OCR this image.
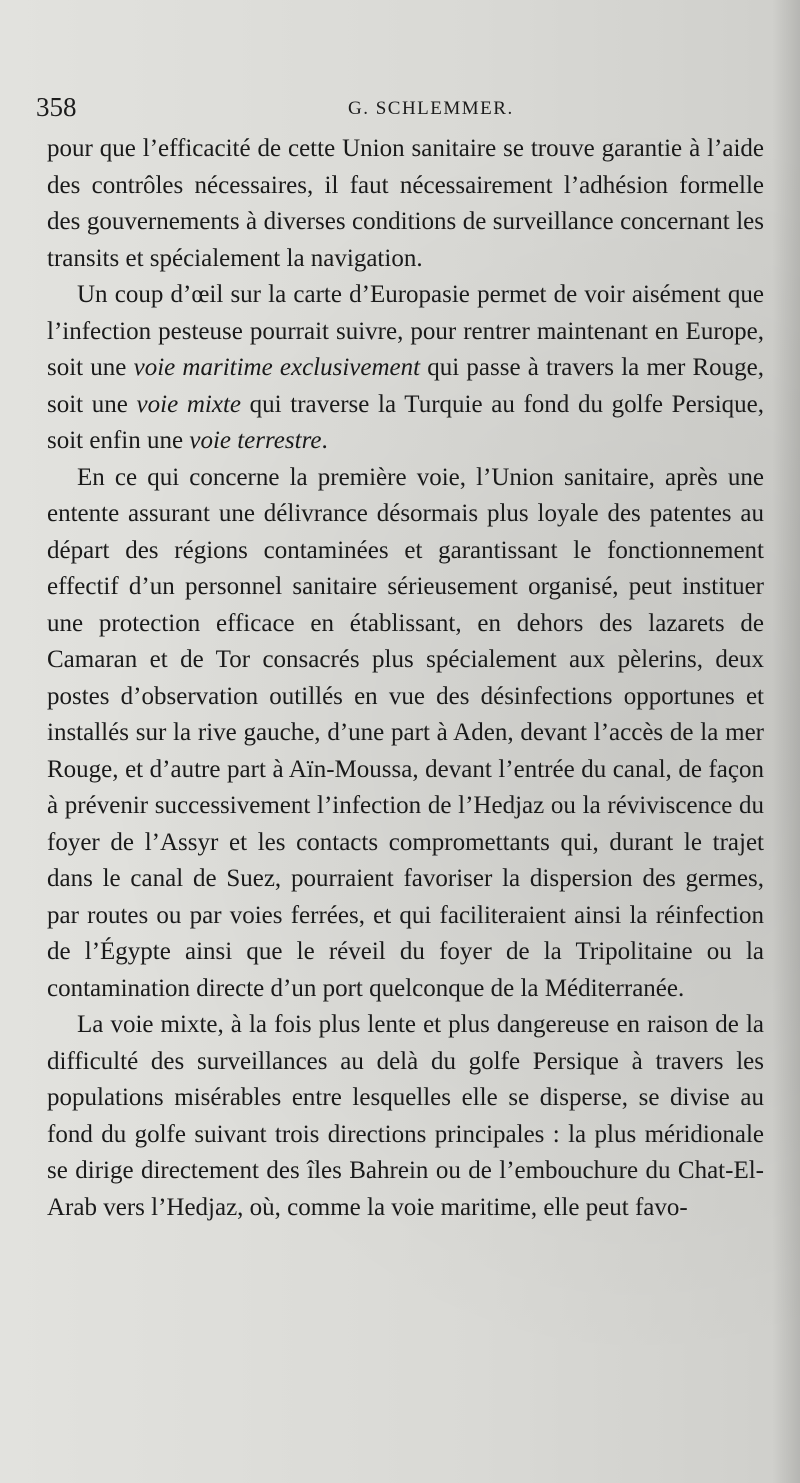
358	G. SCHLEMMER.

pour que l’efficacité de cette Union sanitaire se trouve garantie à l’aide des contrôles nécessaires, il faut nécessairement l’adhésion formelle des gouvernements à diverses conditions de surveillance concernant les transits et spécialement la navigation.

Un coup d’œil sur la carte d’Europasie permet de voir aisément que l’infection pesteuse pourrait suivre, pour rentrer maintenant en Europe, soit une voie maritime exclusivement qui passe à travers la mer Rouge, soit une voie mixte qui traverse la Turquie au fond du golfe Persique, soit enfin une voie terrestre.

En ce qui concerne la première voie, l’Union sanitaire, après une entente assurant une délivrance désormais plus loyale des patentes au départ des régions contaminées et garantissant le fonctionnement effectif d’un personnel sanitaire sérieusement organisé, peut instituer une protection efficace en établissant, en dehors des lazarets de Camaran et de Tor consacrés plus spécialement aux pèlerins, deux postes d’observation outillés en vue des désinfections opportunes et installés sur la rive gauche, d’une part à Aden, devant l’accès de la mer Rouge, et d’autre part à Aïn-Moussa, devant l’entrée du canal, de façon à prévenir successivement l’infection de l’Hedjaz ou la réviviscence du foyer de l’Assyr et les contacts compromettants qui, durant le trajet dans le canal de Suez, pourraient favoriser la dispersion des germes, par routes ou par voies ferrées, et qui faciliteraient ainsi la réinfection de l’Égypte ainsi que le réveil du foyer de la Tripolitaine ou la contamination directe d’un port quelconque de la Méditerranée.

La voie mixte, à la fois plus lente et plus dangereuse en raison de la difficulté des surveillances au delà du golfe Persique à travers les populations misérables entre lesquelles elle se disperse, se divise au fond du golfe suivant trois directions principales : la plus méridionale se dirige directement des îles Bahrein ou de l’embouchure du Chat-El-Arab vers l’Hedjaz, où, comme la voie maritime, elle peut favo-
